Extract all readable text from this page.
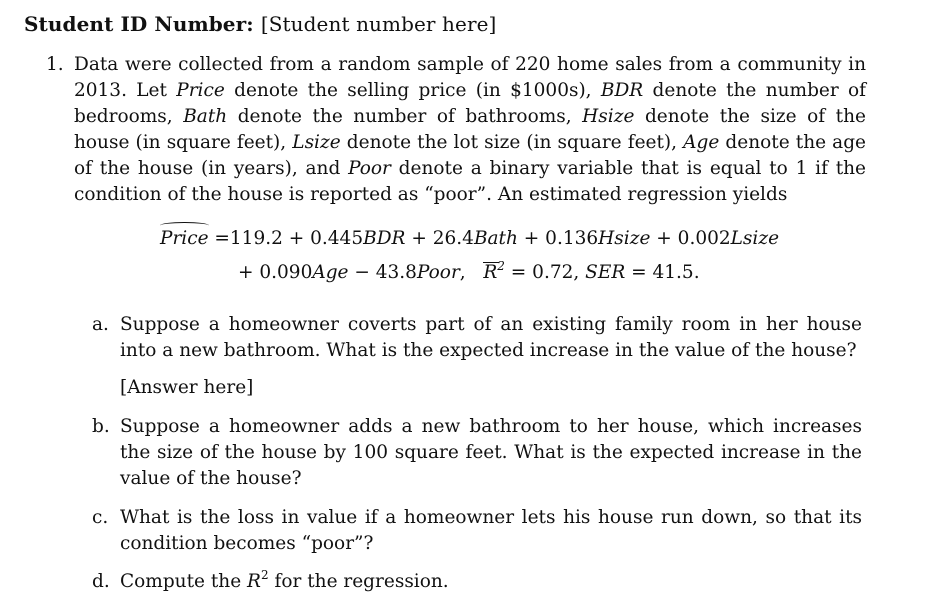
Student ID Number: [Student number here]
1. Data were collected from a random sample of 220 home sales from a community in 2013. Let Price denote the selling price (in $1000s), BDR denote the number of bedrooms, Bath denote the number of bathrooms, Hsize denote the size of the house (in square feet), Lsize denote the lot size (in square feet), Age denote the age of the house (in years), and Poor denote a binary variable that is equal to 1 if the condition of the house is reported as “poor”. An estimated regression yields
Price =119.2 + 0.445BDR + 26.4Bath + 0.136Hsize + 0.002Lsize
+ 0.090Age − 43.8Poor, $R^2 = 0.72$, SER = 41.5.
a. Suppose a homeowner coverts part of an existing family room in her house into a new bathroom. What is the expected increase in the value of the house?
[Answer here]
b. Suppose a homeowner adds a new bathroom to her house, which increases the size of the house by 100 square feet. What is the expected increase in the value of the house?
c. What is the loss in value if a homeowner lets his house run down, so that its condition becomes “poor”?
d. Compute the $R^2$ for the regression.
